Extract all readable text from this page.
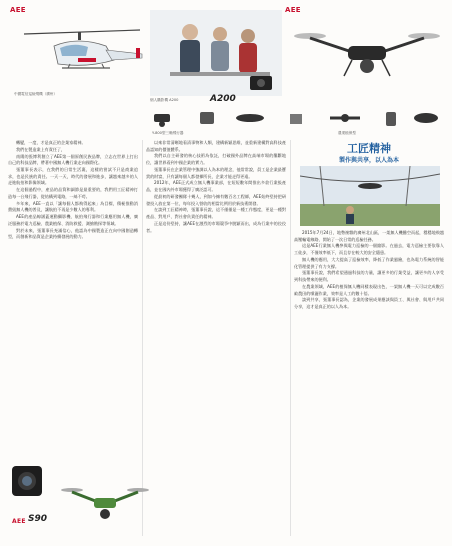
AEE	AEE
中國電信巡檢飛機（廣州）
個人攝影機 A200	A200
Y-800型三軸飛行器	農業植保型

轉變，一度，才是真正的企業家精神。

我們在製造業上有責任了，

南陽的張博利創立了AEE第一個原創民族品牌，立志在世界上打出自己的科技品牌，帶著中國無人機行業走向國際化。

張董事長表示，在我們的日常生活裏，這樣的嘗試不只是商業追求，也是民族的責任。一天一天，時代的發展和進步，讓越來越多的人走進航拍和影像領域。

在這個過程中，產品的品質和細節是最重要的，我們用工匠精神打造每一台飛行器，從結構到電路，一絲不苟。

多年來，AEE一直以「讓每個人都飛得起來」為目標，積極推動消費級無人機的普及，讓航拍不再是少數人的專利。

AEE的產品線涵蓋運動攝影機、航拍飛行器和行業應用無人機，廣泛服務於電力巡檢、農業植保、消防救援、測繪勘探等領域。

對於未來，張董事長充滿信心，他認為中國製造正在向中國創造轉型，而創新和品質是企業持續發展的動力。

以來非常清晰地看清事物和人類，建構新穎思維，並重新建構對高科技產品認知的價值體系。

我們以自主研發的核心技術為依託，打破國外品牌在高端市場的壟斷地位，讓世界看到中國企業的實力。

張董事長在企業管理中強調以人為本的理念，他常常說，員工是企業最寶貴的財富，只有讓每個人都發揮所長，企業才能走得更遠。

2012年，AEE正式成立無人機事業部，在短短數年間推出多款行業級產品，並在國內外市場獲得了廣泛認可。

從最初的研發團隊十幾人，到如今擁有數百名工程師，AEE始終堅持把研發投入放在第一位，每年投入營收的相當比例用於新技術開發。

在談到工匠精神時，張董事長說，這不僅僅是一種工作態度，更是一種對產品、對用戶、對社會負責任的精神。

正是這份堅持，讓AEE在激烈的市場競爭中脫穎而出，成為行業中的佼佼者。

工匠精神
製作與共享，以人為本

2015年7月24日，地勢複雜的廣州北山區，一架無人機騰空而起，穩穩地飛越高壓輸電線路，開始了一次日常的巡檢任務。

這是AEE行業無人機參與電力巡檢的一個縮影。在過去，電力巡檢主要依靠人工徒步，不僅效率低下，而且存在較大的安全隱患。

無人機的應用，大大提高了巡檢效率，降低了作業風險，也為電力系統的智能化管理提供了有力支撐。

張董事長說，我們希望通過科技的力量，讓更多的行業受益，讓更多的人享受到科技帶來的便利。

在農業領域，AEE的植保無人機同樣表現出色，一架無人機一天可以完成數百畝農田的噴灑作業，效率是人工的數十倍。

談到共享，張董事長認為，企業的發展成果應該與員工、與社會、與用戶共同分享，這才是真正的以人為本。

AEE S90
